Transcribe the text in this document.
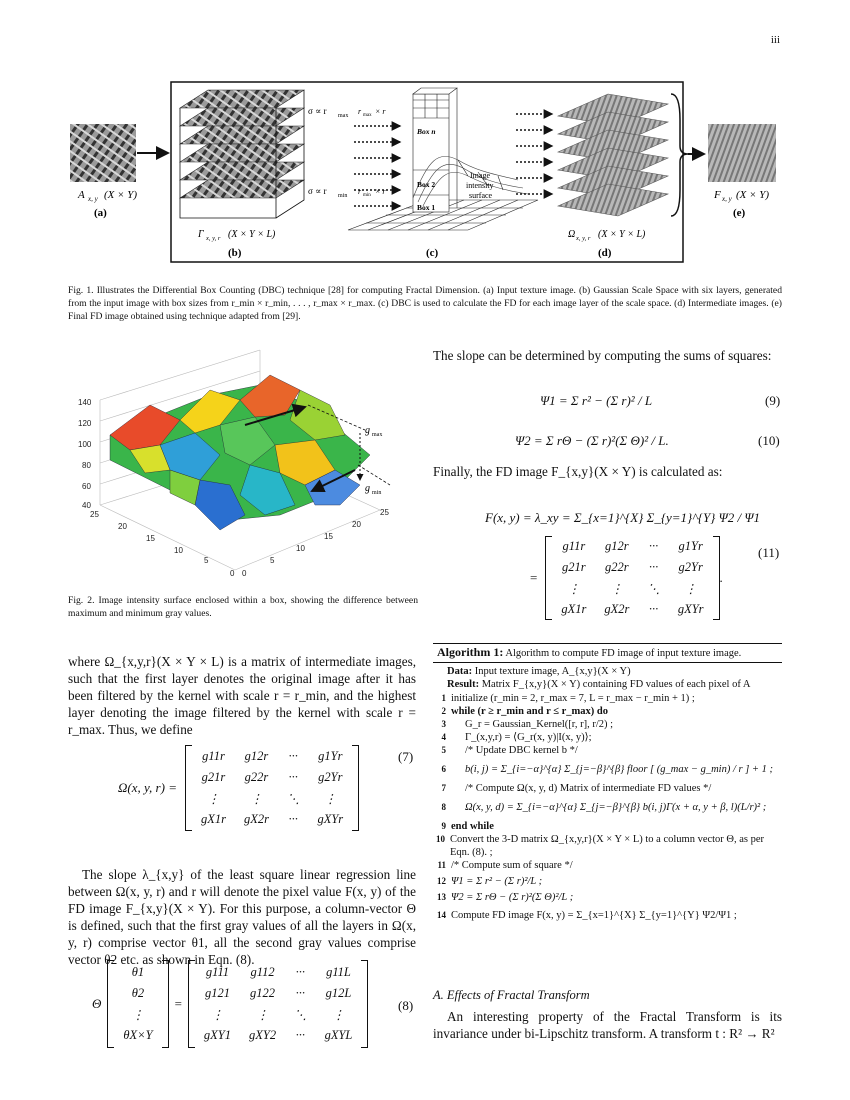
iii
A x, y (X × Y)
(a)
σ ∝ r max
σ ∝ r min
Γ x, y, r (X × Y × L)
(b)
r max × r
r min × r
Box n
Box 2
Box 1
Image
intensity
surface
(c)
Ω x, y, r (X × Y × L)
(d)
F x, y (X × Y)
(e)
Fig. 1. Illustrates the Differential Box Counting (DBC) technique [28] for computing Fractal Dimension. (a) Input texture image. (b) Gaussian Scale Space with six layers, generated from the input image with box sizes from r_min × r_min, . . . , r_max × r_max. (c) DBC is used to calculate the FD for each image layer of the scale space. (d) Intermediate images. (e) Final FD image obtained using technique adapted from [29].
g max
g min
140
120
100
80
60
40
25
20
15
10
5
0 0
5
10
15
20
25
Fig. 2. Image intensity surface enclosed within a box, showing the difference between maximum and minimum gray values.
where Ω_{x,y,r}(X × Y × L) is a matrix of intermediate images, such that the first layer denotes the original image after it has been filtered by the kernel with scale r = r_min, and the highest layer denoting the image filtered by the kernel with scale r = r_max. Thus, we define
Ω(x, y, r) =
g11r	g12r	···	g1Yr
g21r	g22r	···	g2Yr
⋮	⋮	⋱	⋮
gX1r	gX2r	···	gXYr
(7)
The slope λ_{x,y} of the least square linear regression line between Ω(x, y, r) and r will denote the pixel value F(x, y) of the FD image F_{x,y}(X × Y). For this purpose, a column-vector Θ is defined, such that the first gray values of all the layers in Ω(x, y, r) comprise vector θ1, all the second gray values comprise vector θ2 etc. as shown in Eqn. (8).
Θ
θ1
θ2
⋮
θX×Y
=
g111	g112	···	g11L
g121	g122	···	g12L
⋮	⋮	⋱	⋮
gXY1	gXY2	···	gXYL
(8)
The slope can be determined by computing the sums of squares:
Ψ1 = Σ r² − (Σ r)² / L	(9)
Ψ2 = Σ rΘ − (Σ r)²(Σ Θ)² / L.	(10)
Finally, the FD image F_{x,y}(X × Y) is calculated as:
F(x, y) = λ_xy = Σ_{x=1}^{X} Σ_{y=1}^{Y} Ψ2 / Ψ1
=
g11r	g12r	···	g1Yr
g21r	g22r	···	g2Yr
⋮	⋮	⋱	⋮
gX1r	gX2r	···	gXYr
.
(11)
Algorithm 1: Algorithm to compute FD image of input texture image.
Data: Input texture image, A_{x,y}(X × Y)
Result: Matrix F_{x,y}(X × Y) containing FD values of each pixel of A
1 initialize (r_min = 2, r_max = 7, L = r_max − r_min + 1) ;
2 while (r ≥ r_min and r ≤ r_max) do
3	G_r = Gaussian_Kernel([r, r], r/2) ;
4	Γ_(x,y,r) = ⟨G_r(x, y)|I(x, y)⟩;
5	/* Update DBC kernel b */
6	b(i, j) = Σ_{i=−α}^{α} Σ_{j=−β}^{β} floor [ (g_max − g_min) / r ] + 1 ;
7	/* Compute Ω(x, y, d) Matrix of intermediate FD values */
8	Ω(x, y, d) = Σ_{i=−α}^{α} Σ_{j=−β}^{β} b(i, j)Γ(x + α, y + β, l)(L/r)² ;
9 end while
10 Convert the 3-D matrix Ω_{x,y,r}(X × Y × L) to a column vector Θ, as per Eqn. (8). ;
11 /* Compute sum of square */
12 Ψ1 = Σ r² − (Σ r)²/L ;
13 Ψ2 = Σ rΘ − (Σ r)²(Σ Θ)²/L ;
14 Compute FD image F(x, y) = Σ_{x=1}^{X} Σ_{y=1}^{Y} Ψ2/Ψ1 ;
A. Effects of Fractal Transform
An interesting property of the Fractal Transform is its invariance under bi-Lipschitz transform. A transform t : R² → R²
